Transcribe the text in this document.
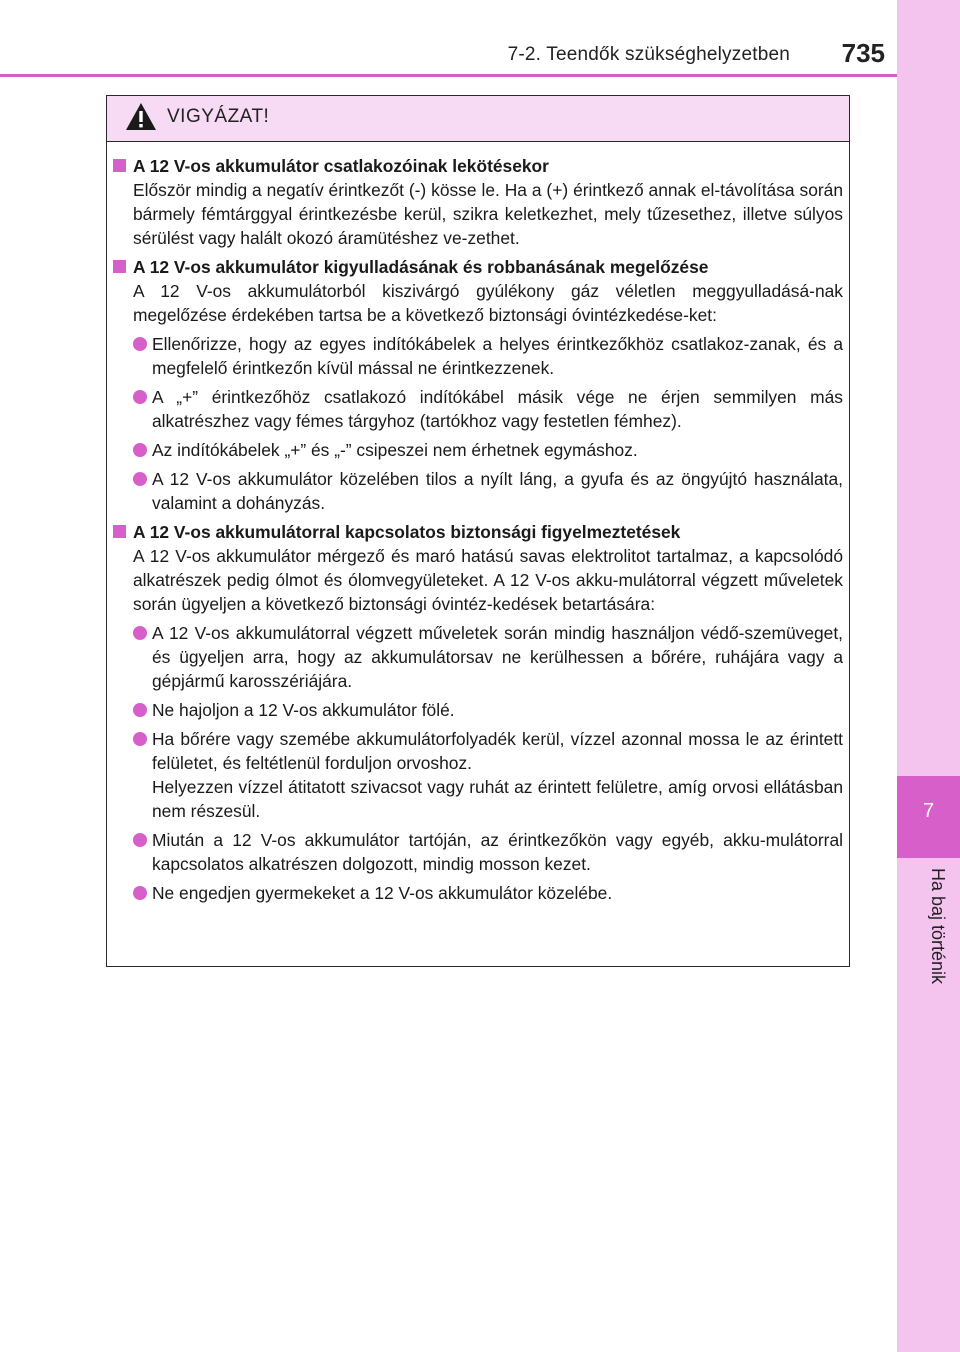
7-2. Teendők szükséghelyzetben	735
7
Ha baj történik
VIGYÁZAT!
A 12 V-os akkumulátor csatlakozóinak lekötésekor
Először mindig a negatív érintkezőt (-) kösse le. Ha a (+) érintkező annak el-távolítása során bármely fémtárggyal érintkezésbe kerül, szikra keletkezhet, mely tűzesethez, illetve súlyos sérülést vagy halált okozó áramütéshez ve-zethet.
A 12 V-os akkumulátor kigyulladásának és robbanásának megelőzése
A 12 V-os akkumulátorból kiszivárgó gyúlékony gáz véletlen meggyulladásá-nak megelőzése érdekében tartsa be a következő biztonsági óvintézkedése-ket:
Ellenőrizze, hogy az egyes indítókábelek a helyes érintkezőkhöz csatlakoz-zanak, és a megfelelő érintkezőn kívül mással ne érintkezzenek.
A „+” érintkezőhöz csatlakozó indítókábel másik vége ne érjen semmilyen más alkatrészhez vagy fémes tárgyhoz (tartókhoz vagy festetlen fémhez).
Az indítókábelek „+” és „-” csipeszei nem érhetnek egymáshoz.
A 12 V-os akkumulátor közelében tilos a nyílt láng, a gyufa és az öngyújtó használata, valamint a dohányzás.
A 12 V-os akkumulátorral kapcsolatos biztonsági figyelmeztetések
A 12 V-os akkumulátor mérgező és maró hatású savas elektrolitot tartalmaz, a kapcsolódó alkatrészek pedig ólmot és ólomvegyületeket. A 12 V-os akku-mulátorral végzett műveletek során ügyeljen a következő biztonsági óvintéz-kedések betartására:
A 12 V-os akkumulátorral végzett műveletek során mindig használjon védő-szemüveget, és ügyeljen arra, hogy az akkumulátorsav ne kerülhessen a bőrére, ruhájára vagy a gépjármű karosszériájára.
Ne hajoljon a 12 V-os akkumulátor fölé.
Ha bőrére vagy szemébe akkumulátorfolyadék kerül, vízzel azonnal mossa le az érintett felületet, és feltétlenül forduljon orvoshoz.
Helyezzen vízzel átitatott szivacsot vagy ruhát az érintett felületre, amíg orvosi ellátásban nem részesül.
Miután a 12 V-os akkumulátor tartóján, az érintkezőkön vagy egyéb, akku-mulátorral kapcsolatos alkatrészen dolgozott, mindig mosson kezet.
Ne engedjen gyermekeket a 12 V-os akkumulátor közelébe.
